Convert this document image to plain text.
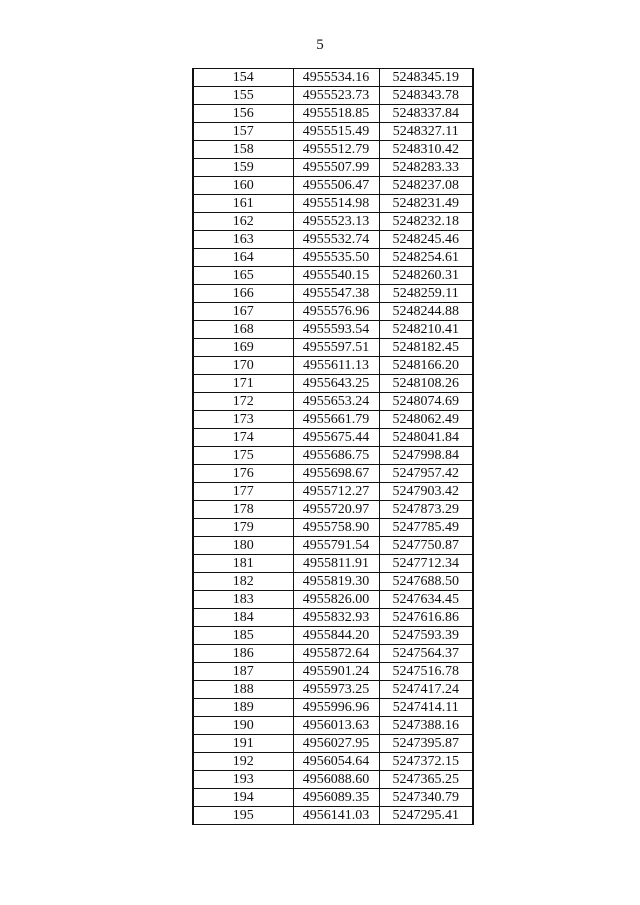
5
154	4955534.16	5248345.19
155	4955523.73	5248343.78
156	4955518.85	5248337.84
157	4955515.49	5248327.11
158	4955512.79	5248310.42
159	4955507.99	5248283.33
160	4955506.47	5248237.08
161	4955514.98	5248231.49
162	4955523.13	5248232.18
163	4955532.74	5248245.46
164	4955535.50	5248254.61
165	4955540.15	5248260.31
166	4955547.38	5248259.11
167	4955576.96	5248244.88
168	4955593.54	5248210.41
169	4955597.51	5248182.45
170	4955611.13	5248166.20
171	4955643.25	5248108.26
172	4955653.24	5248074.69
173	4955661.79	5248062.49
174	4955675.44	5248041.84
175	4955686.75	5247998.84
176	4955698.67	5247957.42
177	4955712.27	5247903.42
178	4955720.97	5247873.29
179	4955758.90	5247785.49
180	4955791.54	5247750.87
181	4955811.91	5247712.34
182	4955819.30	5247688.50
183	4955826.00	5247634.45
184	4955832.93	5247616.86
185	4955844.20	5247593.39
186	4955872.64	5247564.37
187	4955901.24	5247516.78
188	4955973.25	5247417.24
189	4955996.96	5247414.11
190	4956013.63	5247388.16
191	4956027.95	5247395.87
192	4956054.64	5247372.15
193	4956088.60	5247365.25
194	4956089.35	5247340.79
195	4956141.03	5247295.41
